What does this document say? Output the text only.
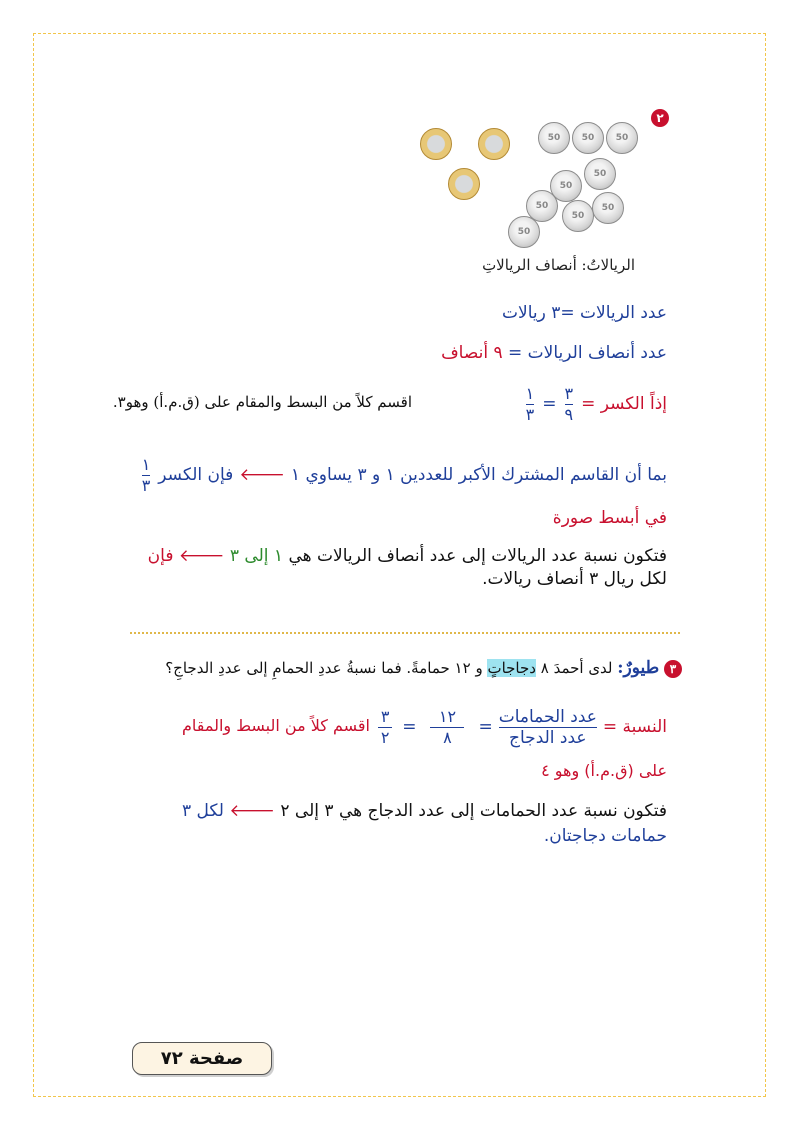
٢
50	50	50
50
50
50	50
50
50
الريالاتُ: أنصاف الريالاتِ
عدد الريالات =٣ ريالات
عدد أنصاف الريالات = ٩ أنصاف
إذاً الكسر =
$\frac{٣}{٩}$
=
$\frac{١}{٣}$
اقسم كلاً من البسط والمقام على (ق.م.أ) وهو٣.
بما أن القاسم المشترك الأكبر للعددين ١ و ٣ يساوي ١
🡐
فإن الكسر
$\frac{١}{٣}$
في أبسط صورة
فتكون نسبة عدد الريالات إلى عدد أنصاف الريالات هي ١ إلى ٣ 🡐 فإن
لكل ريال ٣ أنصاف ريالات.
٣ طيورٌ: لدى أحمدَ ٨ دجاجاتٍ و ١٢ حمامةً. فما نسبةُ عددِ الحمامِ إلى عددِ الدجاجِ؟
النسبة =
$\frac{\text{عدد الحمامات}}{\text{عدد الدجاج}}$
=
$\frac{١٢}{٨}$
=
$\frac{٣}{٢}$
اقسم كلاً من البسط والمقام
على (ق.م.أ) وهو ٤
فتكون نسبة عدد الحمامات إلى عدد الدجاج هي ٣ إلى ٢ 🡐 لكل ٣
حمامات دجاجتان.
صفحة ٧٢
